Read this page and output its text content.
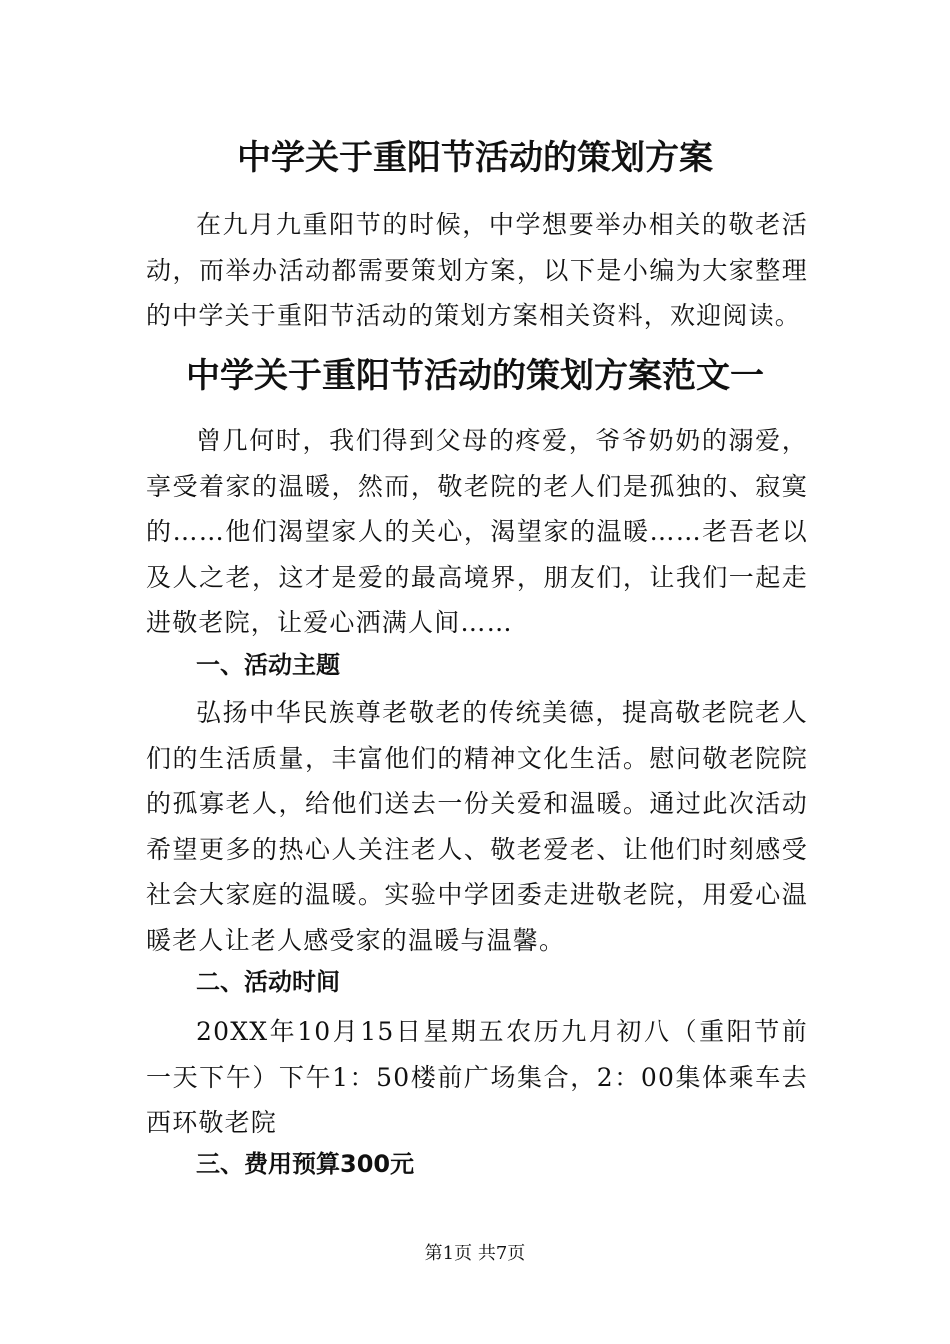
中学关于重阳节活动的策划方案

在九月九重阳节的时候，中学想要举办相关的敬老活动，而举办活动都需要策划方案，以下是小编为大家整理的中学关于重阳节活动的策划方案相关资料，欢迎阅读。

中学关于重阳节活动的策划方案范文一

曾几何时，我们得到父母的疼爱，爷爷奶奶的溺爱，享受着家的温暖，然而，敬老院的老人们是孤独的、寂寞的……他们渴望家人的关心，渴望家的温暖……老吾老以及人之老，这才是爱的最高境界，朋友们，让我们一起走进敬老院，让爱心洒满人间……

一、活动主题

弘扬中华民族尊老敬老的传统美德，提高敬老院老人们的生活质量，丰富他们的精神文化生活。慰问敬老院院的孤寡老人，给他们送去一份关爱和温暖。通过此次活动希望更多的热心人关注老人、敬老爱老、让他们时刻感受社会大家庭的温暖。实验中学团委走进敬老院，用爱心温暖老人让老人感受家的温暖与温馨。

二、活动时间

20XX年10月15日星期五农历九月初八（重阳节前一天下午）下午1：50楼前广场集合，2：00集体乘车去西环敬老院

三、费用预算300元
第1页 共7页
